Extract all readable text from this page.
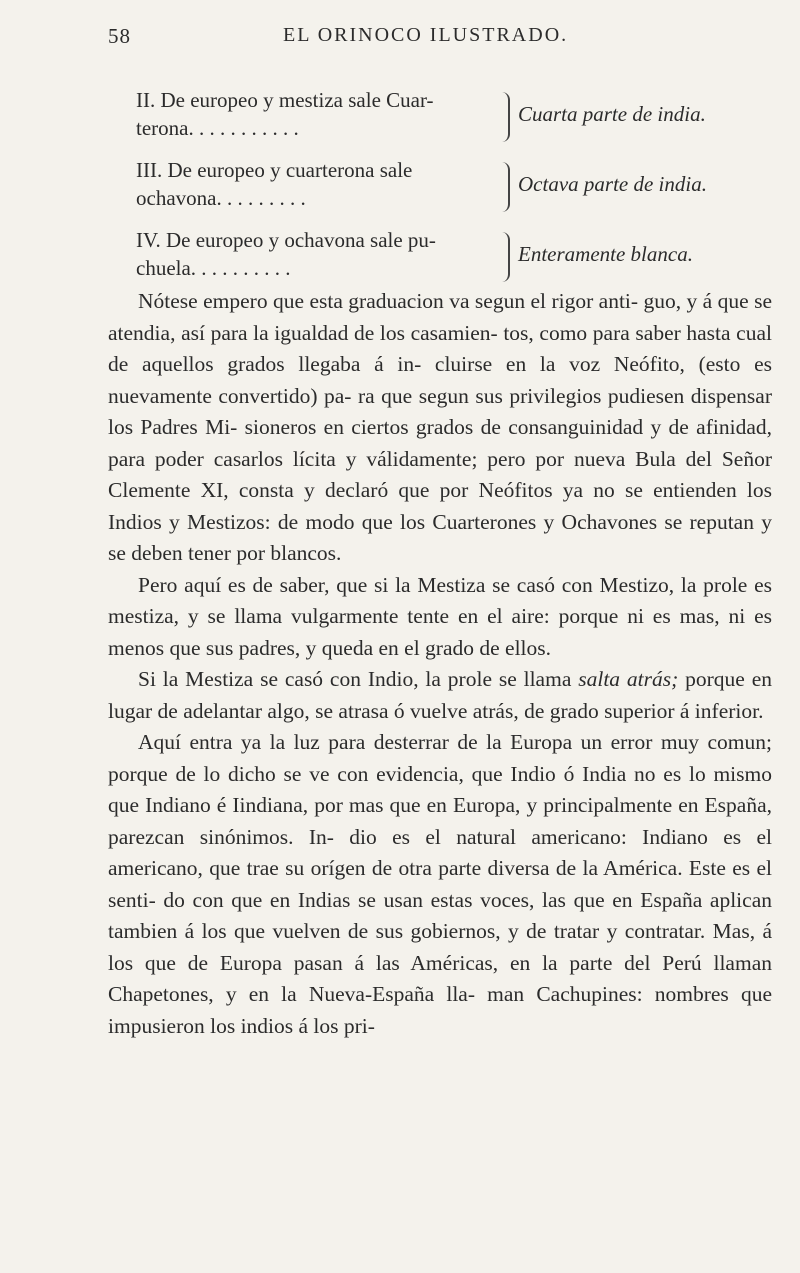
58	EL ORINOCO ILUSTRADO.
II. De europeo y mestiza sale Cuar-
terona. . . . . . . . . . .
Cuarta parte de india.
III. De europeo y cuarterona sale
ochavona. . . . . . . . .
Octava parte de india.
IV. De europeo y ochavona sale pu-
chuela. . . . . . . . . .
Enteramente blanca.

Nótese empero que esta graduacion va segun el rigor anti- guo, y á que se atendia, así para la igualdad de los casamien- tos, como para saber hasta cual de aquellos grados llegaba á in- cluirse en la voz Neófito, (esto es nuevamente convertido) pa- ra que segun sus privilegios pudiesen dispensar los Padres Mi- sioneros en ciertos grados de consanguinidad y de afinidad, para poder casarlos lícita y válidamente; pero por nueva Bula del Señor Clemente XI, consta y declaró que por Neófitos ya no se entienden los Indios y Mestizos: de modo que los Cuarterones y Ochavones se reputan y se deben tener por blancos.

Pero aquí es de saber, que si la Mestiza se casó con Mestizo, la prole es mestiza, y se llama vulgarmente tente en el aire: porque ni es mas, ni es menos que sus padres, y queda en el grado de ellos.

Si la Mestiza se casó con Indio, la prole se llama salta atrás; porque en lugar de adelantar algo, se atrasa ó vuelve atrás, de grado superior á inferior.

Aquí entra ya la luz para desterrar de la Europa un error muy comun; porque de lo dicho se ve con evidencia, que Indio ó India no es lo mismo que Indiano é Iindiana, por mas que en Europa, y principalmente en España, parezcan sinónimos. In- dio es el natural americano: Indiano es el americano, que trae su orígen de otra parte diversa de la América. Este es el senti- do con que en Indias se usan estas voces, las que en España aplican tambien á los que vuelven de sus gobiernos, y de tratar y contratar. Mas, á los que de Europa pasan á las Américas, en la parte del Perú llaman Chapetones, y en la Nueva-España lla- man Cachupines: nombres que impusieron los indios á los pri-
